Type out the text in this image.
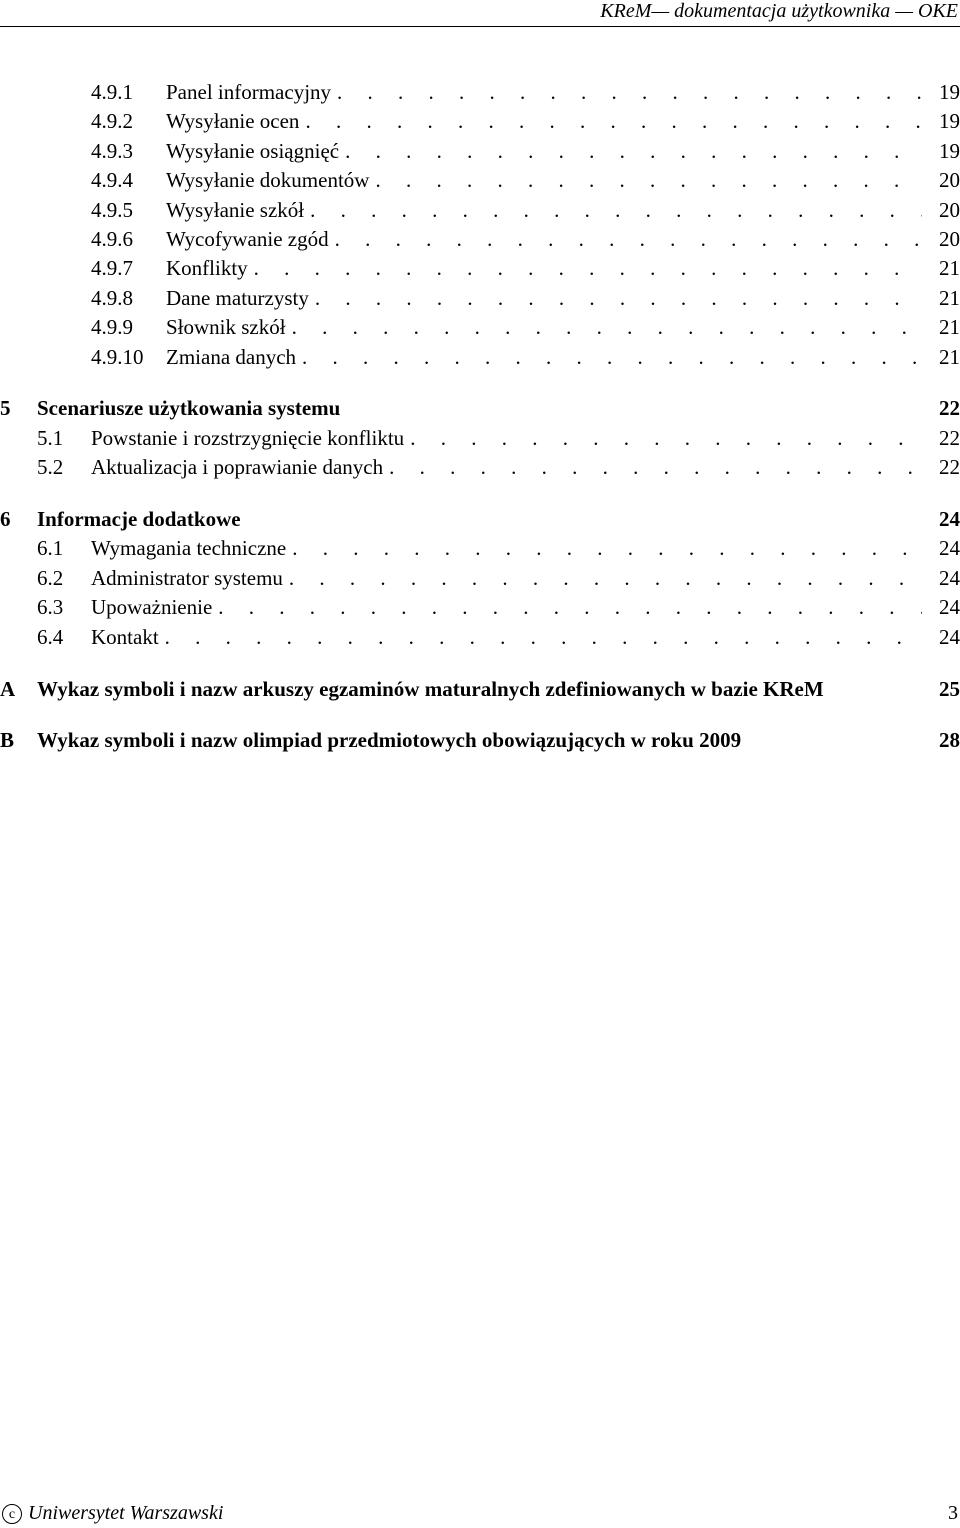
KReM— dokumentacja użytkownika — OKE
4.9.1 Panel informacyjny . . .	19
4.9.2 Wysyłanie ocen . . .	19
4.9.3 Wysyłanie osiągnięć . . .	19
4.9.4 Wysyłanie dokumentów . . .	20
4.9.5 Wysyłanie szkół . . .	20
4.9.6 Wycofywanie zgód . . .	20
4.9.7 Konflikty . . .	21
4.9.8 Dane maturzysty . . .	21
4.9.9 Słownik szkół . . .	21
4.9.10 Zmiana danych . . .	21
5 Scenariusze użytkowania systemu	22
5.1 Powstanie i rozstrzygnięcie konfliktu . . .	22
5.2 Aktualizacja i poprawianie danych . . .	22
6 Informacje dodatkowe	24
6.1 Wymagania techniczne . . .	24
6.2 Administrator systemu . . .	24
6.3 Upoważnienie . . .	24
6.4 Kontakt . . .	24
A Wykaz symboli i nazw arkuszy egzaminów maturalnych zdefiniowanych w bazie KReM	25
B Wykaz symboli i nazw olimpiad przedmiotowych obowiązujących w roku 2009	28
c Uniwersytet Warszawski	3
